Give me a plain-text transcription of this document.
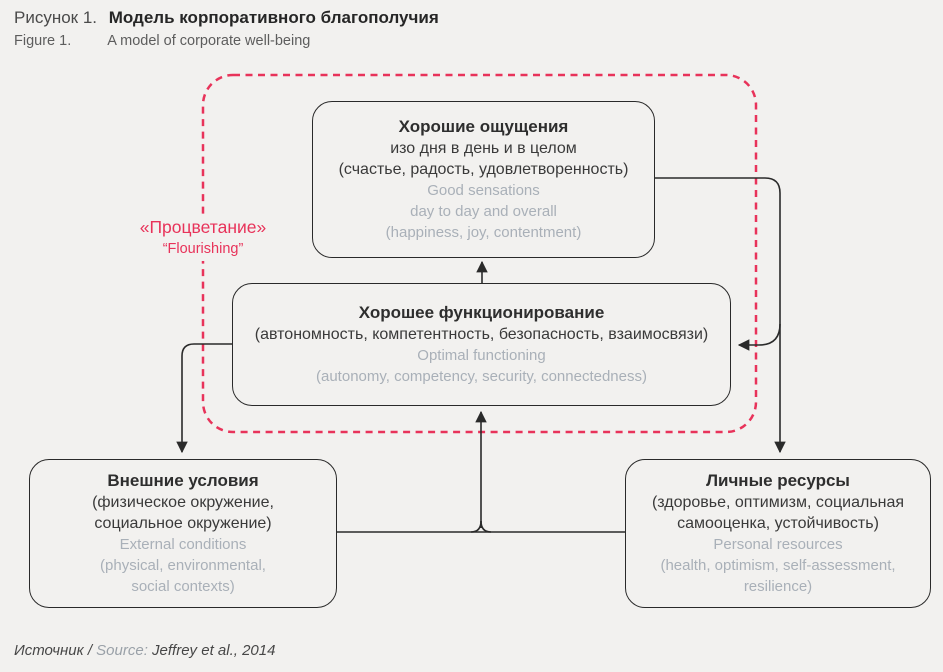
Рисунок 1. Модель корпоративного благополучия
Figure 1. A model of corporate well-being
Хорошие ощущения
изо дня в день и в целом
(счастье, радость, удовлетворенность)
Good sensations
day to day and overall
(happiness, joy, contentment)
Хорошее функционирование
(автономность, компетентность, безопасность, взаимосвязи)
Optimal functioning
(autonomy, competency, security, connectedness)
Внешние условия
(физическое окружение,
социальное окружение)
External conditions
(physical, environmental,
social contexts)
Личные ресурсы
(здоровье, оптимизм, социальная
самооценка, устойчивость)
Personal resources
(health, optimism, self-assessment,
resilience)
«Процветание»
“Flourishing”
Источник / Source: Jeffrey et al., 2014
